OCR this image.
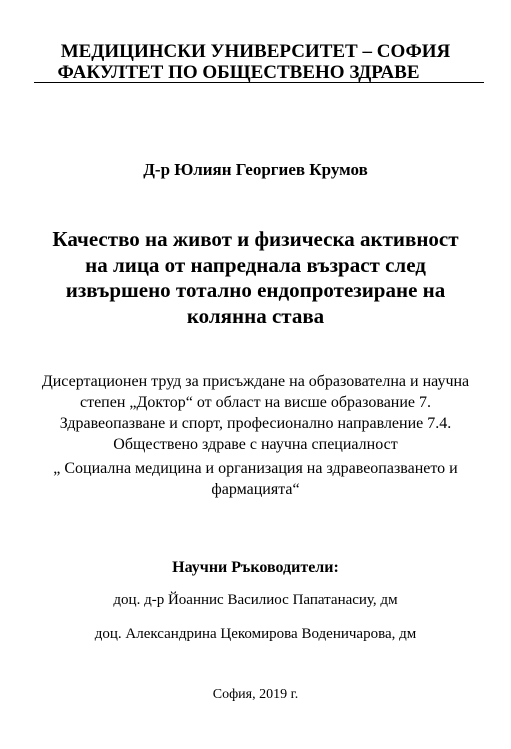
МЕДИЦИНСКИ УНИВЕРСИТЕТ – СОФИЯ
ФАКУЛТЕТ ПО ОБЩЕСТВЕНО ЗДРАВЕ
Д-р Юлиян Георгиев Крумов
Качество на живот и физическа активност
на лица от напреднала възраст след
извършено тотално ендопротезиране на
колянна става
Дисертационен труд за присъждане на образователна и научна
степен „Доктор“ от област на висше образование 7.
Здравеопазване и спорт, професионално направление 7.4.
Обществено здраве с научна специалност
„ Социална медицина и организация на здравеопазването и
фармацията“
Научни Ръководители:
доц. д-р Йоаннис Василиос Папатанасиу, дм
доц. Александрина Цекомирова Воденичарова, дм
София, 2019 г.
